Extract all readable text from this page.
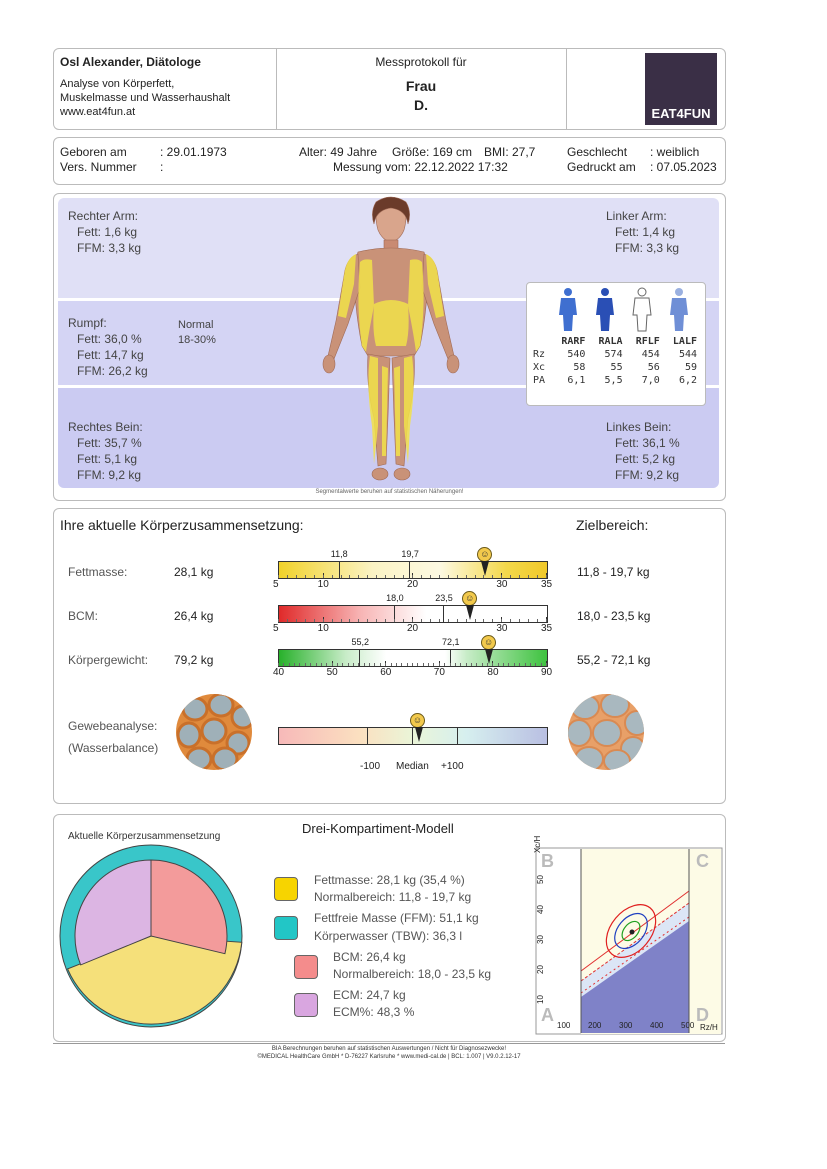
Osl Alexander, Diätologe
Analyse von Körperfett,
Muskelmasse und Wasserhaushalt
www.eat4fun.at
Messprotokoll für
Frau
D.
EAT4FUN
Geboren am	: 29.01.1973
Vers. Nummer :
Alter: 49 Jahre Größe: 169 cm BMI: 27,7
Messung vom: 22.12.2022 17:32
Geschlecht : weiblich
Gedruckt am : 07.05.2023
Rechter Arm:
Fett: 1,6 kg
FFM: 3,3 kg
Linker Arm:
Fett: 1,4 kg
FFM: 3,3 kg
Rumpf:
Fett: 36,0 %
Fett: 14,7 kg
FFM: 26,2 kg
Normal
18-30%
Rechtes Bein:
Fett: 35,7 %
Fett: 5,1 kg
FFM: 9,2 kg
Linkes Bein:
Fett: 36,1 %
Fett: 5,2 kg
FFM: 9,2 kg
	RARF	RALA	RFLF	LALF
Rz	540	574	454	544
Xc	58	55	56	59
PA	6,1	5,5	7,0	6,2
Segmentalwerte beruhen auf statistischen Näherungen!
Ihre aktuelle Körperzusammensetzung:	Zielbereich:
Fettmasse:	28,1 kg	11,8 - 19,7 kg
11,8	19,7	☺
5	10	20	30	35
BCM:	26,4 kg	18,0 - 23,5 kg
18,0	23,5	☺
5	10	20	30	35
Körpergewicht: 79,2 kg	55,2 - 72,1 kg
55,2	72,1	☺
40	50	60	70	80	90
Gewebeanalyse:
(Wasserbalance)
☺
-100 Median +100
Drei-Kompartiment-Modell
Aktuelle Körperzusammensetzung
Fettmasse: 28,1 kg (35,4 %)
Normalbereich: 11,8 - 19,7 kg
Fettfreie Masse (FFM): 51,1 kg
Körperwasser (TBW): 36,3 l
BCM: 26,4 kg
Normalbereich: 18,0 - 23,5 kg
ECM: 24,7 kg
ECM%: 48,3 %
B	C
A	D
Xc/H
50
40
30
20
10
100 200 300 400 500 Rz/H
BIA Berechnungen beruhen auf statistischen Auswertungen / Nicht für Diagnosezwecke!
©MEDICAL HealthCare GmbH * D-76227 Karlsruhe * www.medi-cal.de | BCL: 1.007 | V9.0.2.12-17
